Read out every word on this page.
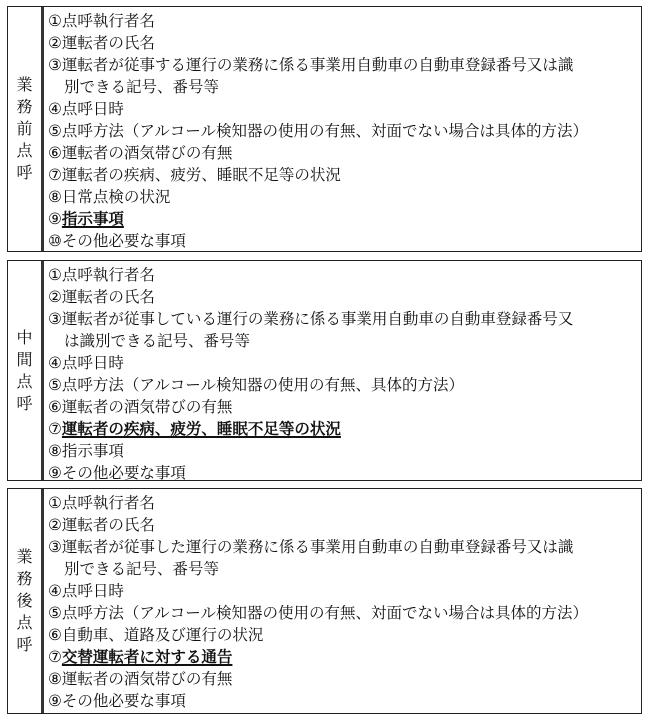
業
務
前
点
呼
①点呼執行者名
②運転者の氏名
③運転者が従事する運行の業務に係る事業用自動車の自動車登録番号又は識
別できる記号、番号等
④点呼日時
⑤点呼方法（アルコール検知器の使用の有無、対面でない場合は具体的方法）
⑥運転者の酒気帯びの有無
⑦運転者の疾病、疲労、睡眠不足等の状況
⑧日常点検の状況
⑨指示事項
⑩その他必要な事項
中
間
点
呼
①点呼執行者名
②運転者の氏名
③運転者が従事している運行の業務に係る事業用自動車の自動車登録番号又
は識別できる記号、番号等
④点呼日時
⑤点呼方法（アルコール検知器の使用の有無、具体的方法）
⑥運転者の酒気帯びの有無
⑦運転者の疾病、疲労、睡眠不足等の状況
⑧指示事項
⑨その他必要な事項
業
務
後
点
呼
①点呼執行者名
②運転者の氏名
③運転者が従事した運行の業務に係る事業用自動車の自動車登録番号又は識
別できる記号、番号等
④点呼日時
⑤点呼方法（アルコール検知器の使用の有無、対面でない場合は具体的方法）
⑥自動車、道路及び運行の状況
⑦交替運転者に対する通告
⑧運転者の酒気帯びの有無
⑨その他必要な事項
